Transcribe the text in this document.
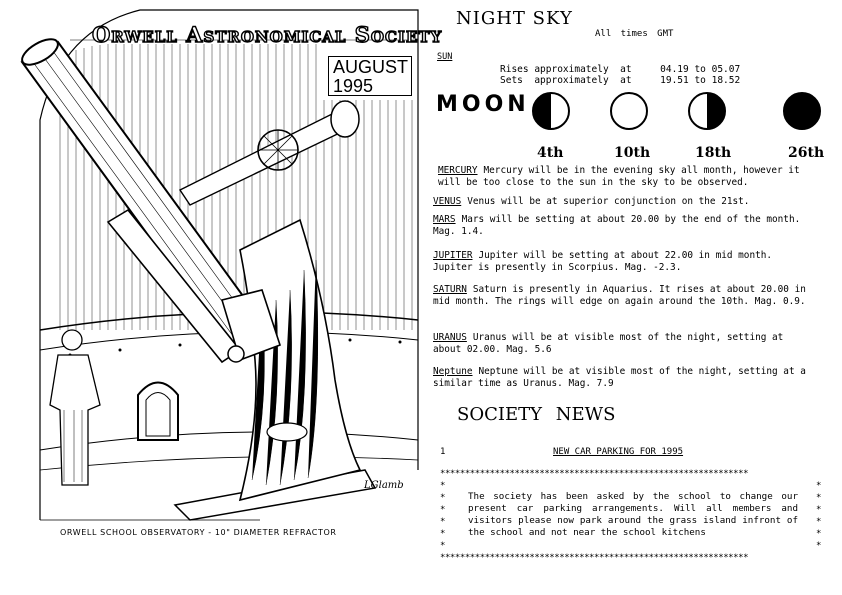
Orwell Astronomical Society
AUGUST
1995
LGlamb
ORWELL SCHOOL OBSERVATORY - 10" DIAMETER REFRACTOR
NIGHT SKY
All times GMT
SUN
Rises approximately  at     04.19 to 05.07
Sets  approximately  at     19.51 to 18.52
MOON
4th	10th	18th	26th
MERCURY Mercury will be in the evening sky all month, however it will be too close to the sun in the sky to be observed.
VENUS Venus will be at superior conjunction on the 21st.
MARS Mars will be setting at about 20.00 by the end of the month. Mag. 1.4.
JUPITER Jupiter will be setting at about 22.00 in mid month. Jupiter is presently in Scorpius. Mag. -2.3.
SATURN Saturn is presently in Aquarius. It rises at about 20.00 in mid month. The rings will edge on again around the 10th. Mag. 0.9.
URANUS Uranus will be at visible most of the night, setting at about 02.00. Mag. 5.6
Neptune Neptune will be at visible most of the night, setting at a similar time as Uranus. Mag. 7.9
SOCIETY NEWS
1	NEW CAR PARKING FOR 1995
**************************************************************
*
*
*
*
*
*
*
*
*
*
*
*
The society has been asked by the school to change our present car parking arrangements. Will all members and visitors please now park around the grass island infront of the school and not near the school kitchens
**************************************************************
